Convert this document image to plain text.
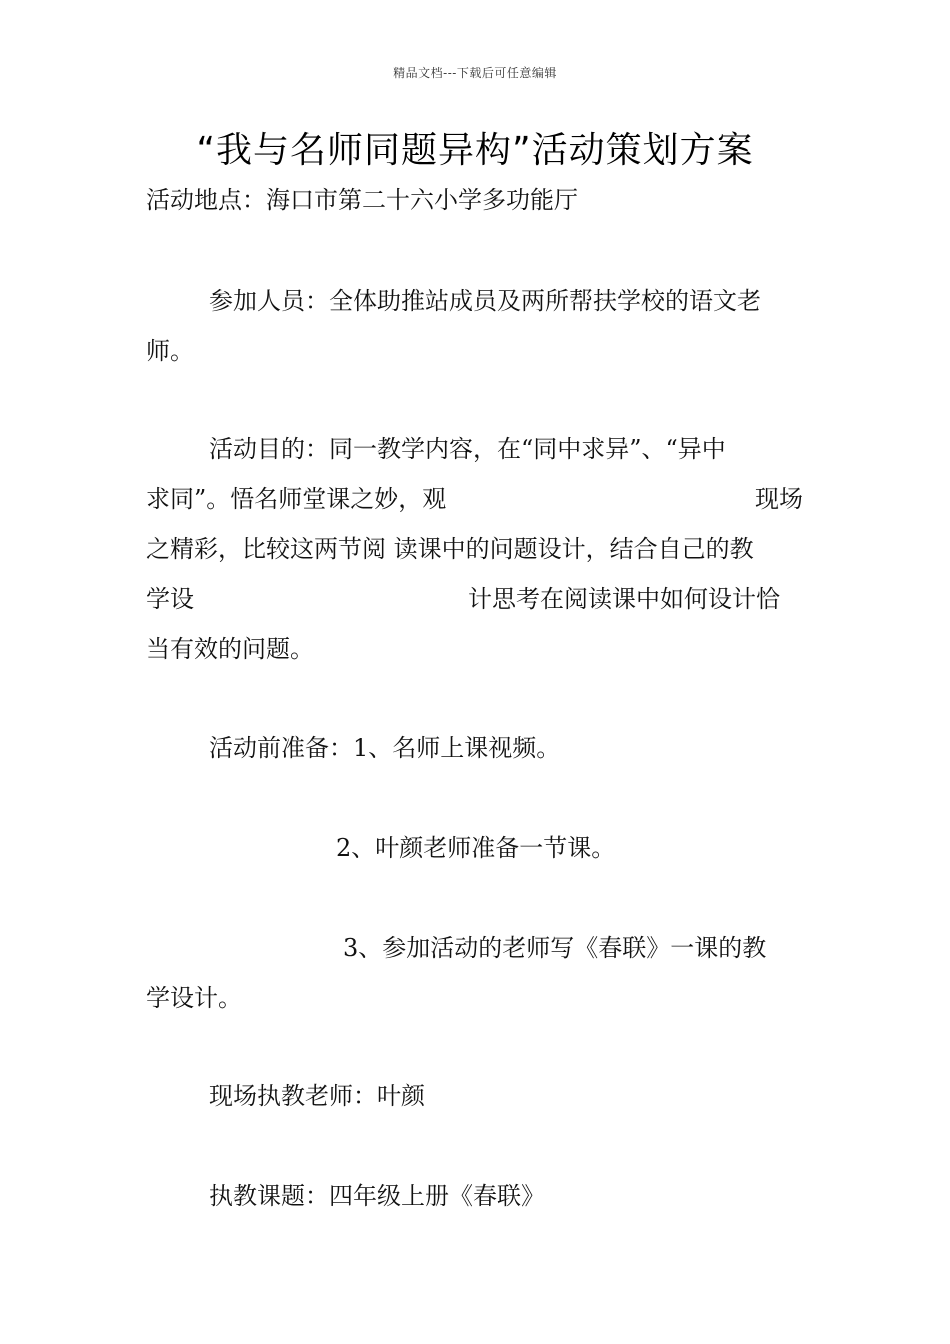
精品文档---下载后可任意编辑
“我与名师同题异构”活动策划方案
活动地点：海口市第二十六小学多功能厅
参加人员：全体助推站成员及两所帮扶学校的语文老
师。
活动目的：同一教学内容，在“同中求异”、“异中
求同”。悟名师堂课之妙，观	现场
之精彩，比较这两节阅 读课中的问题设计，结合自己的教
学设	计思考在阅读课中如何设计恰
当有效的问题。
活动前准备：1、名师上课视频。
2、叶颜老师准备一节课。
3、参加活动的老师写《春联》一课的教
学设计。
现场执教老师：叶颜
执教课题：四年级上册《春联》
